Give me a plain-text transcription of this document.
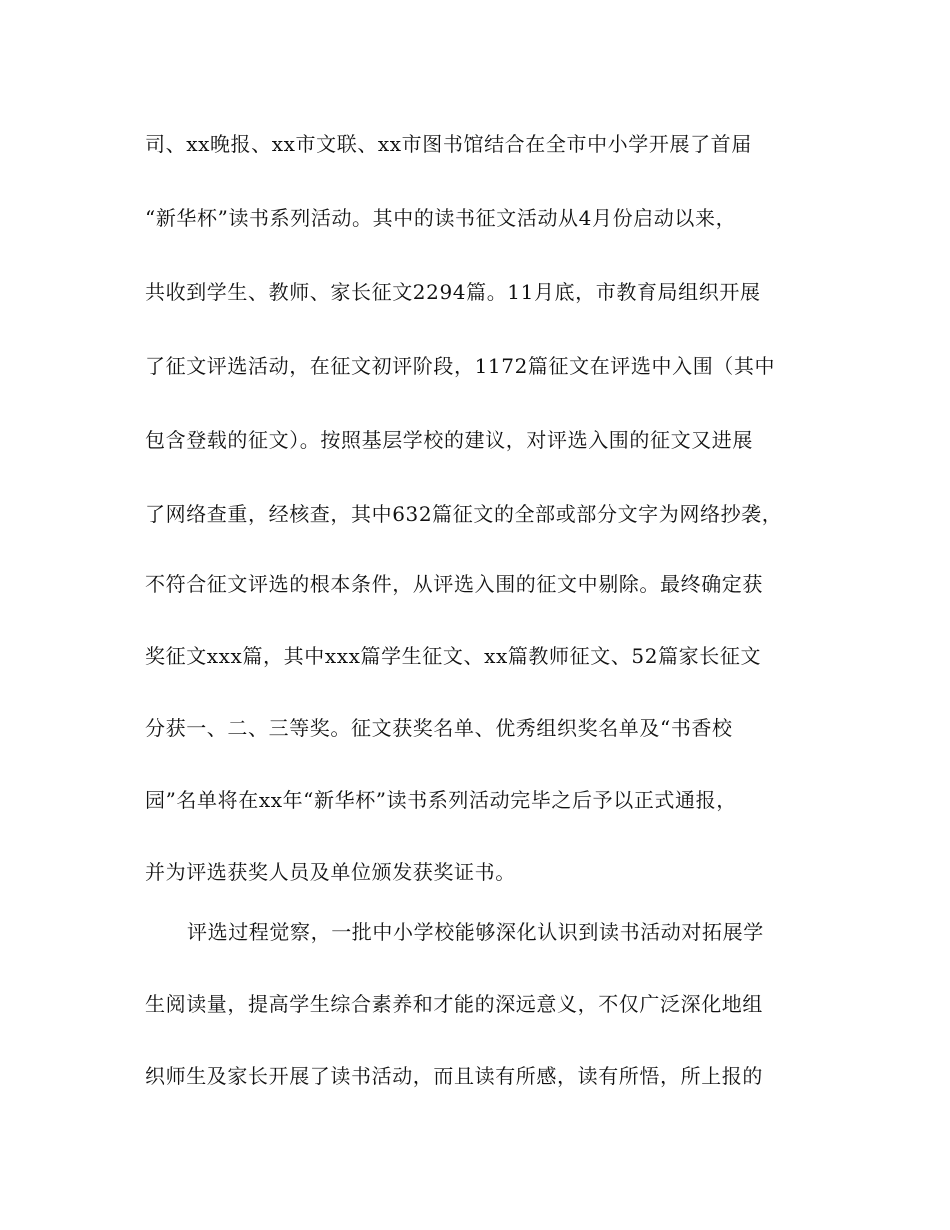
司、xx晚报、xx市文联、xx市图书馆结合在全市中小学开展了首届
“新华杯”读书系列活动。其中的读书征文活动从4月份启动以来，
共收到学生、教师、家长征文2294篇。11月底，市教育局组织开展
了征文评选活动，在征文初评阶段，1172篇征文在评选中入围（其中
包含登载的征文）。按照基层学校的建议，对评选入围的征文又进展
了网络查重，经核查，其中632篇征文的全部或部分文字为网络抄袭，
不符合征文评选的根本条件，从评选入围的征文中剔除。最终确定获
奖征文xxx篇，其中xxx篇学生征文、xx篇教师征文、52篇家长征文
分获一、二、三等奖。征文获奖名单、优秀组织奖名单及“书香校
园”名单将在xx年“新华杯”读书系列活动完毕之后予以正式通报，
并为评选获奖人员及单位颁发获奖证书。
评选过程觉察，一批中小学校能够深化认识到读书活动对拓展学
生阅读量，提高学生综合素养和才能的深远意义，不仅广泛深化地组
织师生及家长开展了读书活动，而且读有所感，读有所悟，所上报的
